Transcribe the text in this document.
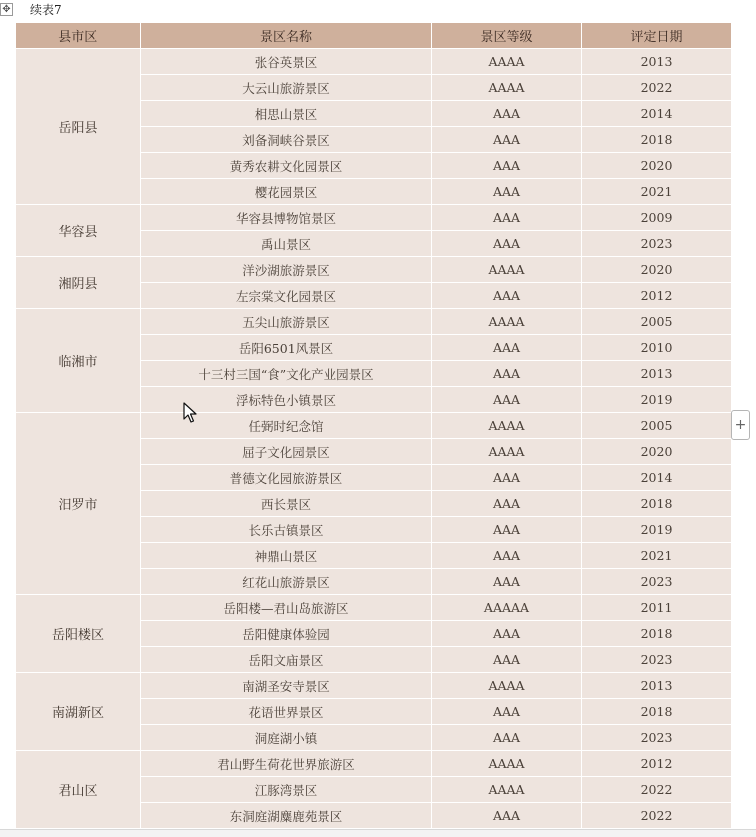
✥ 续表7
县市区	景区名称	景区等级	评定日期
岳阳县	张谷英景区	AAAA	2013
	大云山旅游景区	AAAA	2022
	相思山景区	AAA	2014
	刘备洞峡谷景区	AAA	2018
	黄秀农耕文化园景区	AAA	2020
	樱花园景区	AAA	2021
华容县	华容县博物馆景区	AAA	2009
	禹山景区	AAA	2023
湘阴县	洋沙湖旅游景区	AAAA	2020
	左宗棠文化园景区	AAA	2012
临湘市	五尖山旅游景区	AAAA	2005
	岳阳6501风景区	AAA	2010
	十三村三国“食”文化产业园景区	AAA	2013
	浮标特色小镇景区	AAA	2019
汨罗市	任弼时纪念馆	AAAA	2005
	屈子文化园景区	AAAA	2020
	普德文化园旅游景区	AAA	2014
	西长景区	AAA	2018
	长乐古镇景区	AAA	2019
	神鼎山景区	AAA	2021
	红花山旅游景区	AAA	2023
岳阳楼区	岳阳楼—君山岛旅游区	AAAAA	2011
	岳阳健康体验园	AAA	2018
	岳阳文庙景区	AAA	2023
南湖新区	南湖圣安寺景区	AAAA	2013
	花语世界景区	AAA	2018
	洞庭湖小镇	AAA	2023
君山区	君山野生荷花世界旅游区	AAAA	2012
	江豚湾景区	AAAA	2022
	东洞庭湖麋鹿苑景区	AAA	2022
+
